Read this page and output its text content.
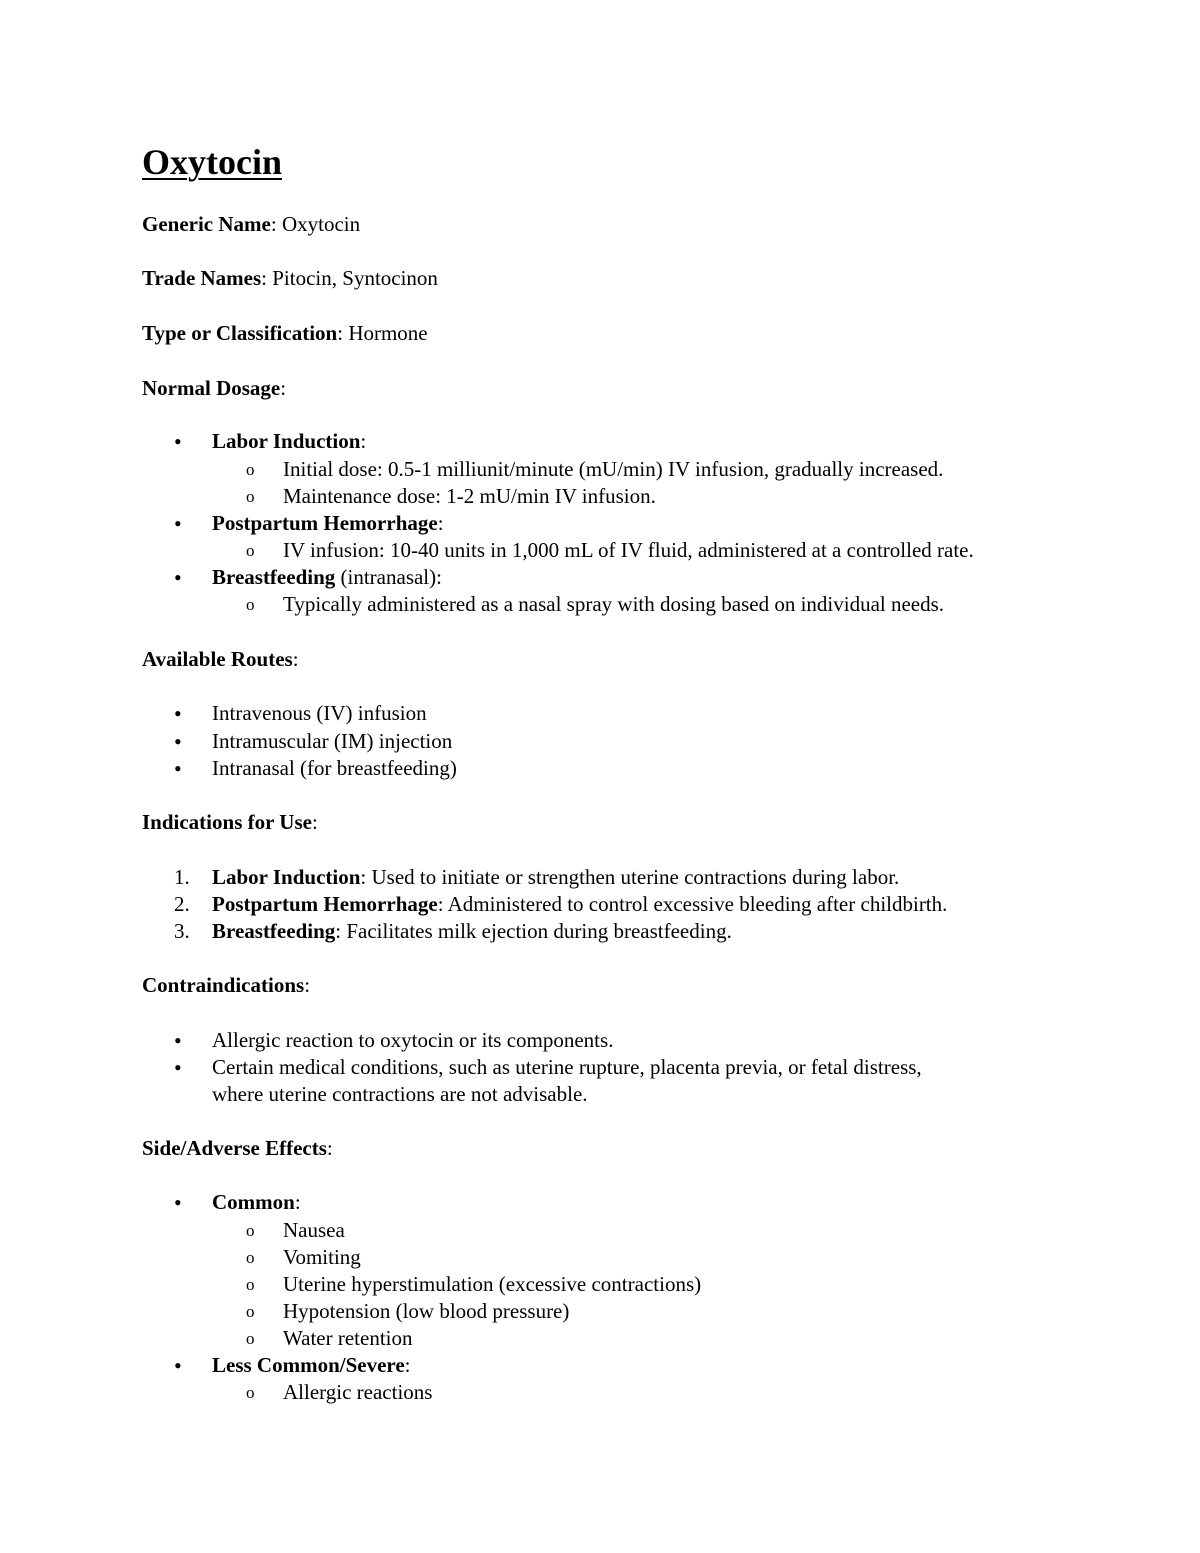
Oxytocin
Generic Name: Oxytocin
Trade Names: Pitocin, Syntocinon
Type or Classification: Hormone
Normal Dosage:
• Labor Induction:
o Initial dose: 0.5-1 milliunit/minute (mU/min) IV infusion, gradually increased.
o Maintenance dose: 1-2 mU/min IV infusion.
• Postpartum Hemorrhage:
o IV infusion: 10-40 units in 1,000 mL of IV fluid, administered at a controlled rate.
• Breastfeeding (intranasal):
o Typically administered as a nasal spray with dosing based on individual needs.
Available Routes:
• Intravenous (IV) infusion
• Intramuscular (IM) injection
• Intranasal (for breastfeeding)
Indications for Use:
1. Labor Induction: Used to initiate or strengthen uterine contractions during labor.
2. Postpartum Hemorrhage: Administered to control excessive bleeding after childbirth.
3. Breastfeeding: Facilitates milk ejection during breastfeeding.
Contraindications:
• Allergic reaction to oxytocin or its components.
• Certain medical conditions, such as uterine rupture, placenta previa, or fetal distress,
where uterine contractions are not advisable.
Side/Adverse Effects:
• Common:
o Nausea
o Vomiting
o Uterine hyperstimulation (excessive contractions)
o Hypotension (low blood pressure)
o Water retention
• Less Common/Severe:
o Allergic reactions
